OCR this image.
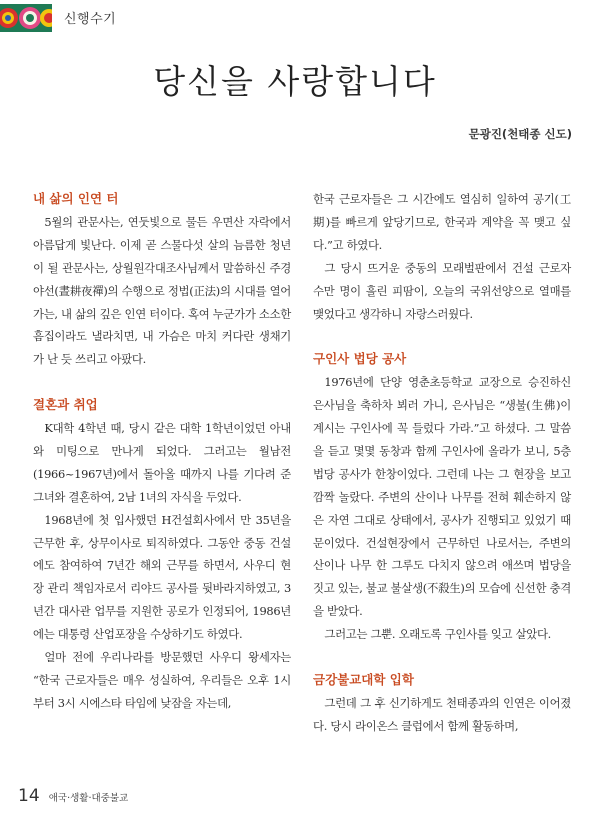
신행수기
당신을 사랑합니다
문광진(천태종 신도)
내 삶의 인연 터

5월의 관문사는, 연둣빛으로 물든 우면산 자락에서 아름답게 빛난다. 이제 곧 스물다섯 살의 늠름한 청년이 될 관문사는, 상월원각대조사님께서 말씀하신 주경야선(晝耕夜禪)의 수행으로 정법(正法)의 시대를 열어가는, 내 삶의 깊은 인연 터이다. 혹여 누군가가 소소한 흠집이라도 낼라치면, 내 가슴은 마치 커다란 생채기가 난 듯 쓰리고 아팠다.

결혼과 취업

K대학 4학년 때, 당시 같은 대학 1학년이었던 아내와 미팅으로 만나게 되었다. 그러고는 월남전(1966~1967년)에서 돌아올 때까지 나를 기다려 준 그녀와 결혼하여, 2남 1녀의 자식을 두었다.

1968년에 첫 입사했던 H건설회사에서 만 35년을 근무한 후, 상무이사로 퇴직하였다. 그동안 중동 건설에도 참여하여 7년간 해외 근무를 하면서, 사우디 현장 관리 책임자로서 리야드 공사를 뒷바라지하였고, 3년간 대사관 업무를 지원한 공로가 인정되어, 1986년에는 대통령 산업포장을 수상하기도 하였다.

얼마 전에 우리나라를 방문했던 사우디 왕세자는 “한국 근로자들은 매우 성실하여, 우리들은 오후 1시부터 3시 시에스타 타임에 낮잠을 자는데,

한국 근로자들은 그 시간에도 열심히 일하여 공기(工期)를 빠르게 앞당기므로, 한국과 계약을 꼭 맺고 싶다.”고 하였다.

그 당시 뜨거운 중동의 모래벌판에서 건설 근로자 수만 명이 흘린 피땀이, 오늘의 국위선양으로 열매를 맺었다고 생각하니 자랑스러웠다.

구인사 법당 공사

1976년에 단양 영춘초등학교 교장으로 승진하신 은사님을 축하차 뵈러 가니, 은사님은 “생불(生佛)이 계시는 구인사에 꼭 들렀다 가라.”고 하셨다. 그 말씀을 듣고 몇몇 동창과 함께 구인사에 올라가 보니, 5층 법당 공사가 한창이었다. 그런데 나는 그 현장을 보고 깜짝 놀랐다. 주변의 산이나 나무를 전혀 훼손하지 않은 자연 그대로 상태에서, 공사가 진행되고 있었기 때문이었다. 건설현장에서 근무하던 나로서는, 주변의 산이나 나무 한 그루도 다치지 않으려 애쓰며 법당을 짓고 있는, 불교 불살생(不殺生)의 모습에 신선한 충격을 받았다.

그러고는 그뿐. 오래도록 구인사를 잊고 살았다.

금강불교대학 입학

그런데 그 후 신기하게도 천태종과의 인연은 이어졌다. 당시 라이온스 클럽에서 함께 활동하며,

14 애국·생활·대중불교
